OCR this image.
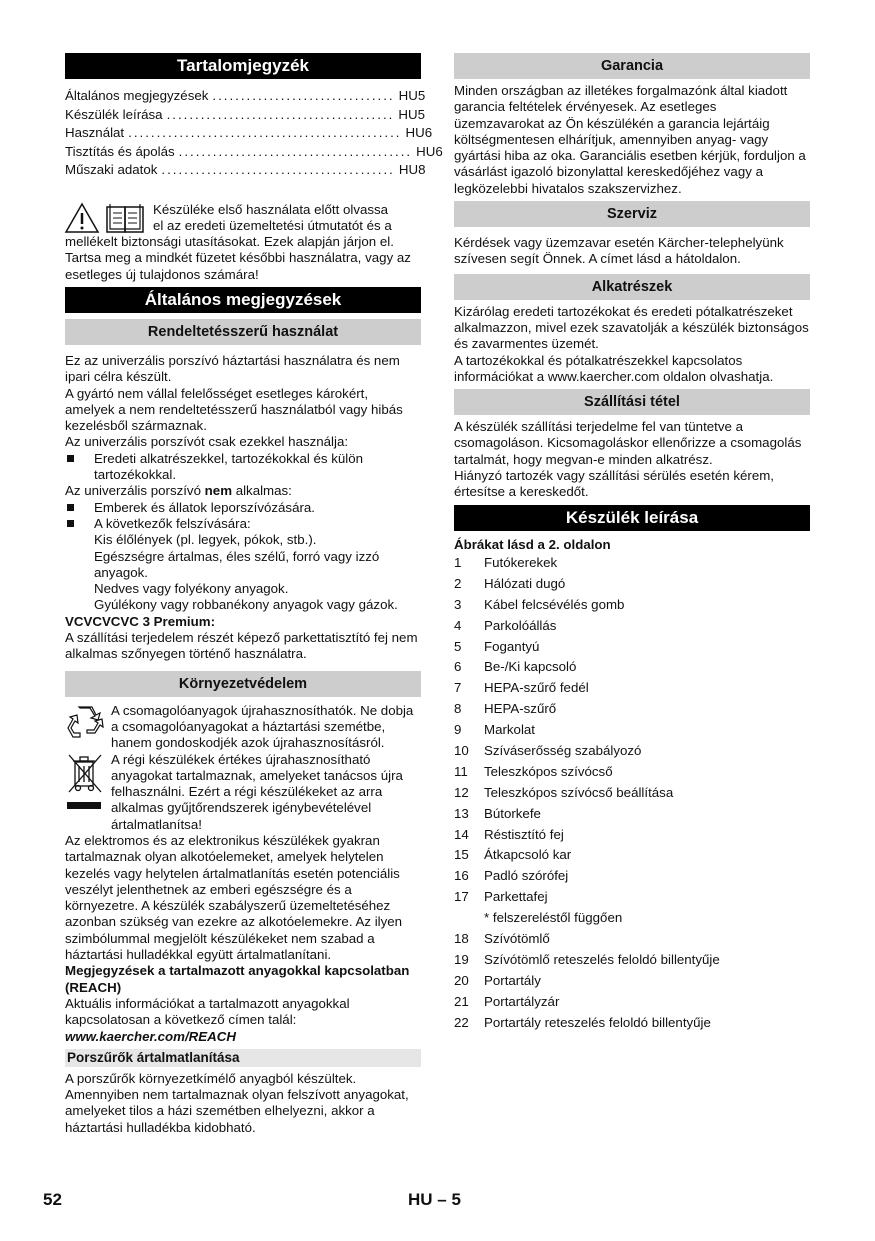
Tartalomjegyzék
Általános megjegyzések ................................ HU 5
Készülék leírása ........................................ HU 5
Használat ................................................ HU 6
Tisztítás és ápolás ......................................... HU 6
Műszaki adatok ......................................... HU 8

Készüléke első használata előtt olvassa

el az eredeti üzemeltetési útmutatót és a

mellékelt biztonsági utasításokat. Ezek alapján járjon el. Tartsa meg a mindkét füzetet későbbi használatra, vagy az esetleges új tulajdonos számára!

Általános megjegyzések
Rendeltetésszerű használat

Ez az univerzális porszívó háztartási használatra és nem ipari célra készült.

A gyártó nem vállal felelősséget esetleges károkért, amelyek a nem rendeltetésszerű használatból vagy hibás kezelésből származnak.

Az univerzális porszívót csak ezekkel használja:

Eredeti alkatrészekkel, tartozékokkal és külön tartozékokkal.

Az univerzális porszívó nem alkalmas:

Emberek és állatok leporszívózására.
A következők felszívására:
Kis élőlények (pl. legyek, pókok, stb.).
Egészségre ártalmas, éles szélű, forró vagy izzó anyagok.
Nedves vagy folyékony anyagok.
Gyúlékony vagy robbanékony anyagok vagy gázok.

VCVCVCVC 3 Premium:

A szállítási terjedelem részét képező parkettatisztító fej nem alkalmas szőnyegen történő használatra.

Környezetvédelem

A csomagolóanyagok újrahasznosíthatók. Ne dobja a csomagolóanyagokat a háztartási szemétbe, hanem gondoskodjék azok újrahasznosításról.

A régi készülékek értékes újrahasznosítható anyagokat tartalmaznak, amelyeket tanácsos újra felhasználni. Ezért a régi készülékeket az arra alkalmas gyűjtőrendszerek igénybevételével ártalmatlanítsa!

Az elektromos és az elektronikus készülékek gyakran tartalmaznak olyan alkotóelemeket, amelyek helytelen kezelés vagy helytelen ártalmatlanítás esetén potenciális veszélyt jelenthetnek az emberi egészségre és a környezetre. A készülék szabályszerű üzemeltetéséhez azonban szükség van ezekre az alkotóelemekre. Az ilyen szimbólummal megjelölt készülékeket nem szabad a háztartási hulladékkal együtt ártalmatlanítani.

Megjegyzések a tartalmazott anyagokkal kapcsolatban (REACH)

Aktuális információkat a tartalmazott anyagokkal kapcsolatosan a következő címen talál:

www.kaercher.com/REACH

Porszűrők ártalmatlanítása

A porszűrők környezetkímélő anyagból készültek. Amennyiben nem tartalmaznak olyan felszívott anyagokat, amelyeket tilos a házi szemétben elhelyezni, akkor a háztartási hulladékba kidobható.

Garancia

Minden országban az illetékes forgalmazónk által kiadott garancia feltételek érvényesek. Az esetleges üzemzavarokat az Ön készülékén a garancia lejártáig költségmentesen elhárítjuk, amennyiben anyag- vagy gyártási hiba az oka. Garanciális esetben kérjük, forduljon a vásárlást igazoló bizonylattal kereskedőjéhez vagy a legközelebbi hivatalos szakszervizhez.

Szerviz

Kérdések vagy üzemzavar esetén Kärcher-telephelyünk szívesen segít Önnek. A címet lásd a hátoldalon.

Alkatrészek

Kizárólag eredeti tartozékokat és eredeti pótalkatrészeket alkalmazzon, mivel ezek szavatolják a készülék biztonságos és zavarmentes üzemét.

A tartozékokkal és pótalkatrészekkel kapcsolatos információkat a www.kaercher.com oldalon olvashatja.

Szállítási tétel

A készülék szállítási terjedelme fel van tüntetve a csomagoláson. Kicsomagoláskor ellenőrizze a csomagolás tartalmát, hogy megvan-e minden alkatrész.

Hiányzó tartozék vagy szállítási sérülés esetén kérem, értesítse a kereskedőt.

Készülék leírása

Ábrákat lásd a 2. oldalon

1	Futókerekek
2	Hálózati dugó
3	Kábel felcsévélés gomb
4	Parkolóállás
5	Fogantyú
6	Be-/Ki kapcsoló
7	HEPA-szűrő fedél
8	HEPA-szűrő
9	Markolat
10	Szíváserősség szabályozó
11	Teleszkópos szívócső
12	Teleszkópos szívócső beállítása
13	Bútorkefe
14	Réstisztító fej
15	Átkapcsoló kar
16	Padló szórófej
17	Parkettafej
* felszereléstől függően
18	Szívótömlő
19	Szívótömlő reteszelés feloldó billentyűje
20	Portartály
21	Portartályzár
22	Portartály reteszelés feloldó billentyűje
52	HU – 5
